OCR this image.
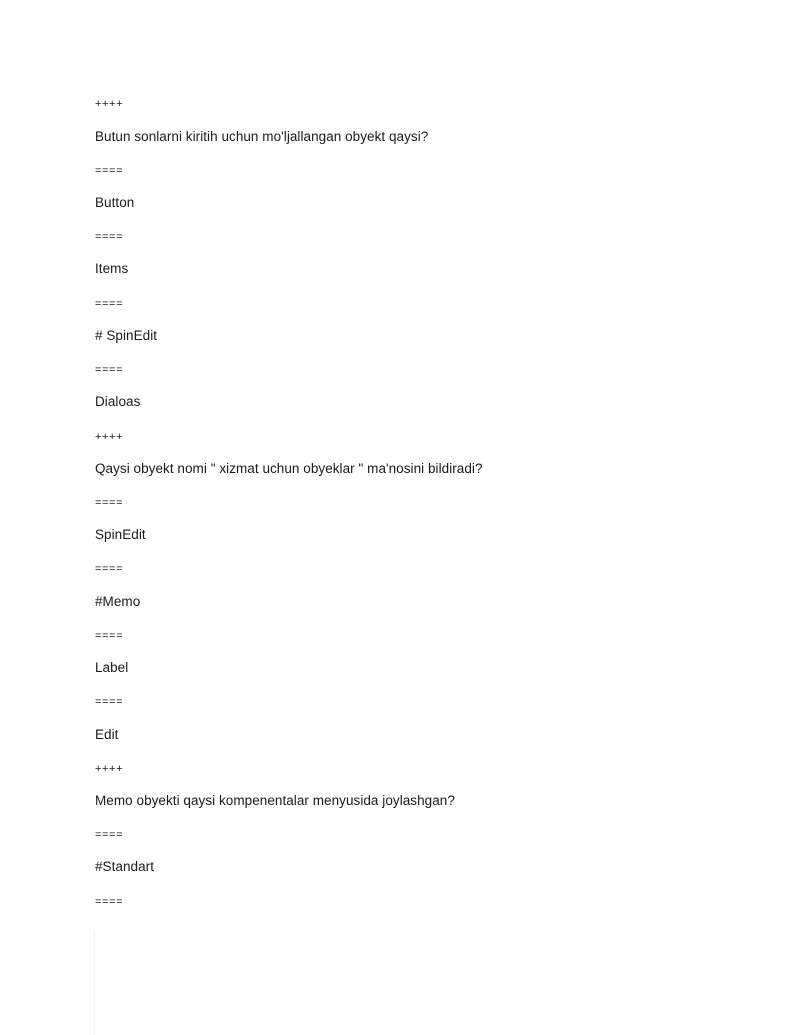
++++
Butun sonlarni kiritih uchun mo'ljallangan obyekt qaysi?
====
Button
====
Items
====
# SpinEdit
====
Dialoas
++++
Qaysi obyekt nomi " xizmat uchun obyeklar " ma'nosini bildiradi?
====
SpinEdit
====
#Memo
====
Label
====
Edit
++++
Memo obyekti qaysi kompenentalar menyusida joylashgan?
====
#Standart
====
